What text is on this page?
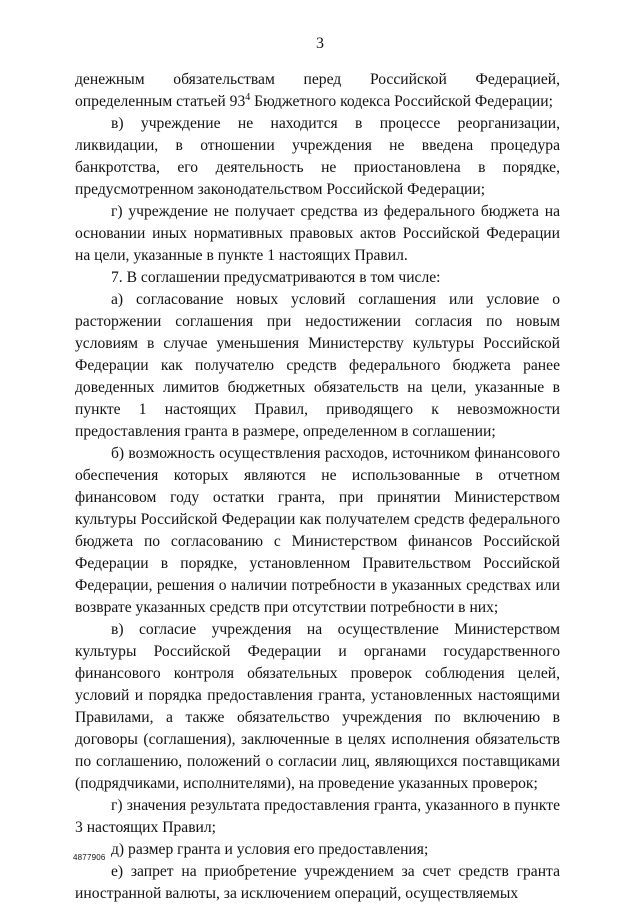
3

денежным обязательствам перед Российской Федерацией, определенным статьей $93^4$ Бюджетного кодекса Российской Федерации;

в) учреждение не находится в процессе реорганизации, ликвидации, в отношении учреждения не введена процедура банкротства, его деятельность не приостановлена в порядке, предусмотренном законодательством Российской Федерации;

г) учреждение не получает средства из федерального бюджета на основании иных нормативных правовых актов Российской Федерации на цели, указанные в пункте 1 настоящих Правил.

7. В соглашении предусматриваются в том числе:

а) согласование новых условий соглашения или условие о расторжении соглашения при недостижении согласия по новым условиям в случае уменьшения Министерству культуры Российской Федерации как получателю средств федерального бюджета ранее доведенных лимитов бюджетных обязательств на цели, указанные в пункте 1 настоящих Правил, приводящего к невозможности предоставления гранта в размере, определенном в соглашении;

б) возможность осуществления расходов, источником финансового обеспечения которых являются не использованные в отчетном финансовом году остатки гранта, при принятии Министерством культуры Российской Федерации как получателем средств федерального бюджета по согласованию с Министерством финансов Российской Федерации в порядке, установленном Правительством Российской Федерации, решения о наличии потребности в указанных средствах или возврате указанных средств при отсутствии потребности в них;

в) согласие учреждения на осуществление Министерством культуры Российской Федерации и органами государственного финансового контроля обязательных проверок соблюдения целей, условий и порядка предоставления гранта, установленных настоящими Правилами, а также обязательство учреждения по включению в договоры (соглашения), заключенные в целях исполнения обязательств по соглашению, положений о согласии лиц, являющихся поставщиками (подрядчиками, исполнителями), на проведение указанных проверок;

г) значения результата предоставления гранта, указанного в пункте 3 настоящих Правил;

д) размер гранта и условия его предоставления;

е) запрет на приобретение учреждением за счет средств гранта иностранной валюты, за исключением операций, осуществляемых

4877906
